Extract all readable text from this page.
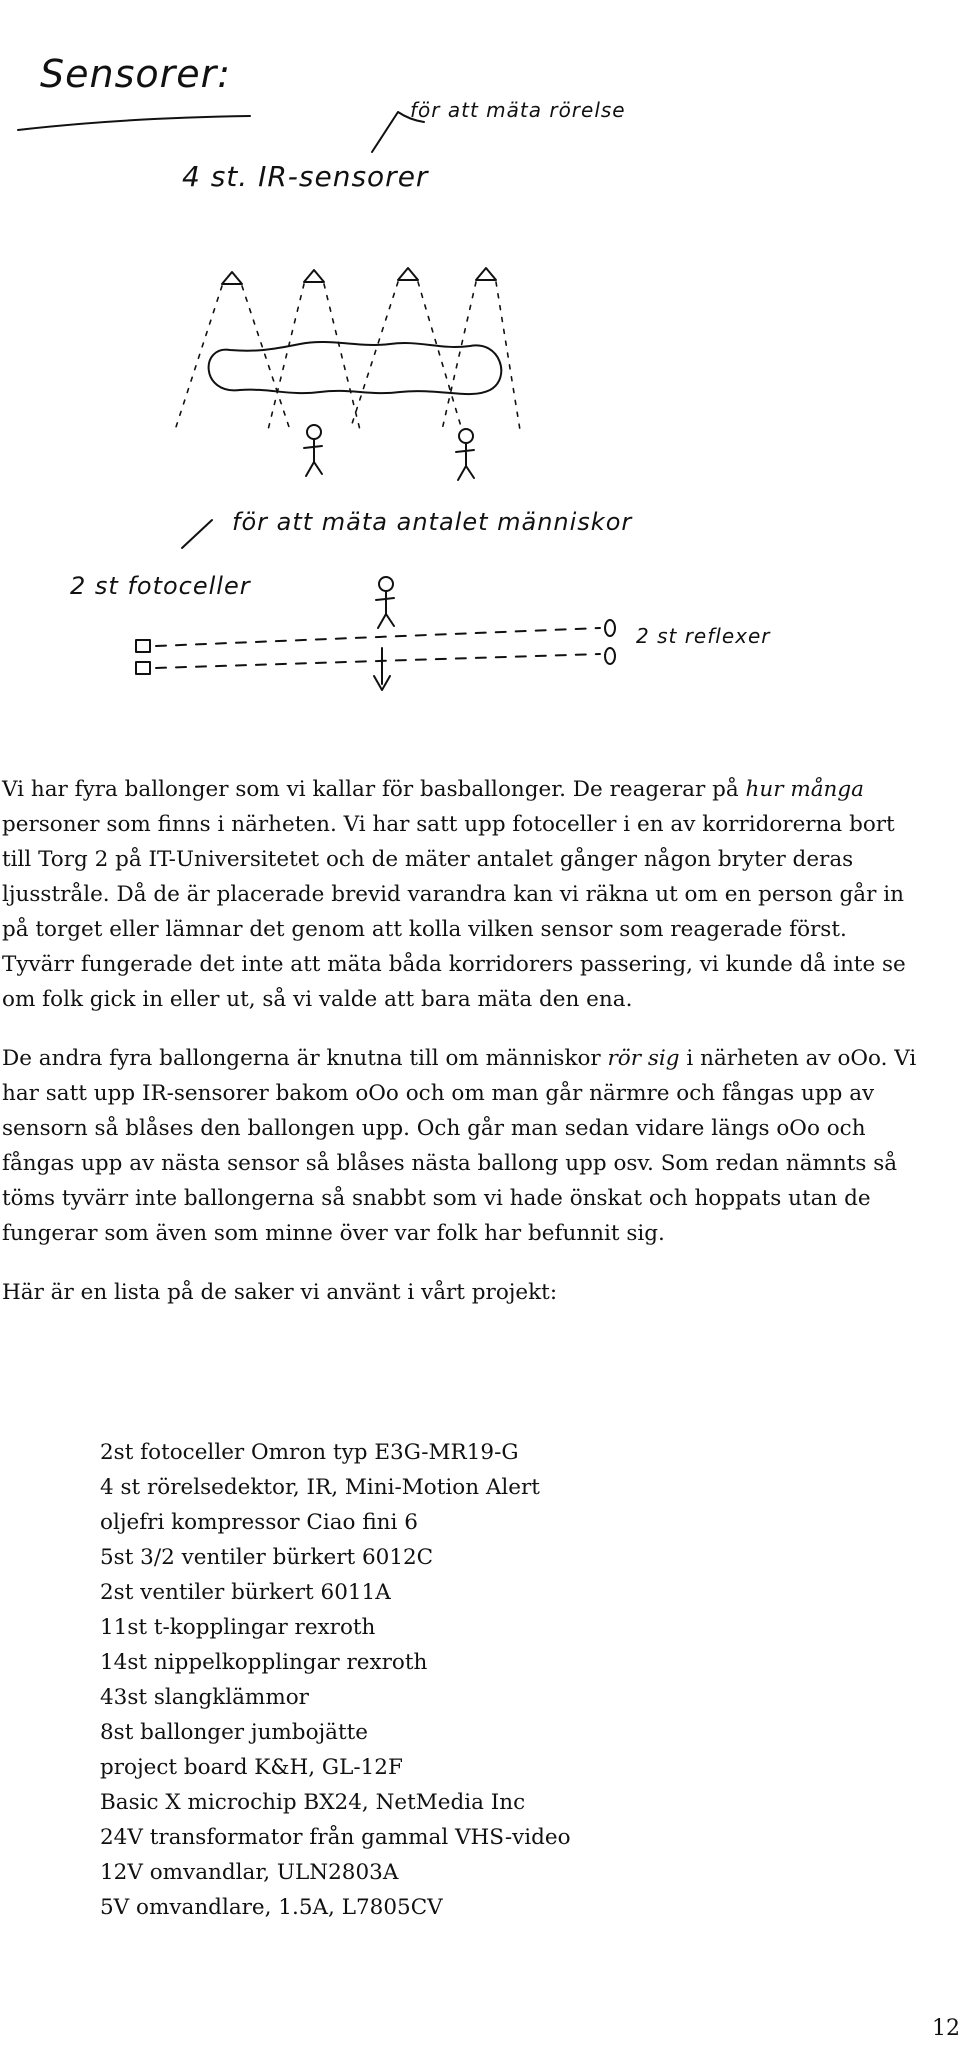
Sensorer:
för att mäta rörelse
4 st. IR-sensorer
för att mäta antalet människor
2 st fotoceller
2 st reflexer

Vi har fyra ballonger som vi kallar för basballonger. De reagerar på hur många personer som finns i närheten. Vi har satt upp fotoceller i en av korridorerna bort till Torg 2 på IT-Universitetet och de mäter antalet gånger någon bryter deras ljusstråle. Då de är placerade brevid varandra kan vi räkna ut om en person går in på torget eller lämnar det genom att kolla vilken sensor som reagerade först. Tyvärr fungerade det inte att mäta båda korridorers passering, vi kunde då inte se om folk gick in eller ut, så vi valde att bara mäta den ena.

De andra fyra ballongerna är knutna till om människor rör sig i närheten av oOo. Vi har satt upp IR-sensorer bakom oOo och om man går närmre och fångas upp av sensorn så blåses den ballongen upp. Och går man sedan vidare längs oOo och fångas upp av nästa sensor så blåses nästa ballong upp osv. Som redan nämnts så töms tyvärr inte ballongerna så snabbt som vi hade önskat och hoppats utan de fungerar som även som minne över var folk har befunnit sig.

Här är en lista på de saker vi använt i vårt projekt:

2st fotoceller Omron typ E3G-MR19-G
4 st rörelsedektor, IR, Mini-Motion Alert
oljefri kompressor Ciao fini 6
5st 3/2 ventiler bürkert 6012C
2st ventiler bürkert 6011A
11st t-kopplingar rexroth
14st nippelkopplingar rexroth
43st slangklämmor
8st ballonger jumbojätte
project board K&H, GL-12F
Basic X microchip BX24, NetMedia Inc
24V transformator från gammal VHS-video
12V omvandlar, ULN2803A
5V omvandlare, 1.5A, L7805CV
12
